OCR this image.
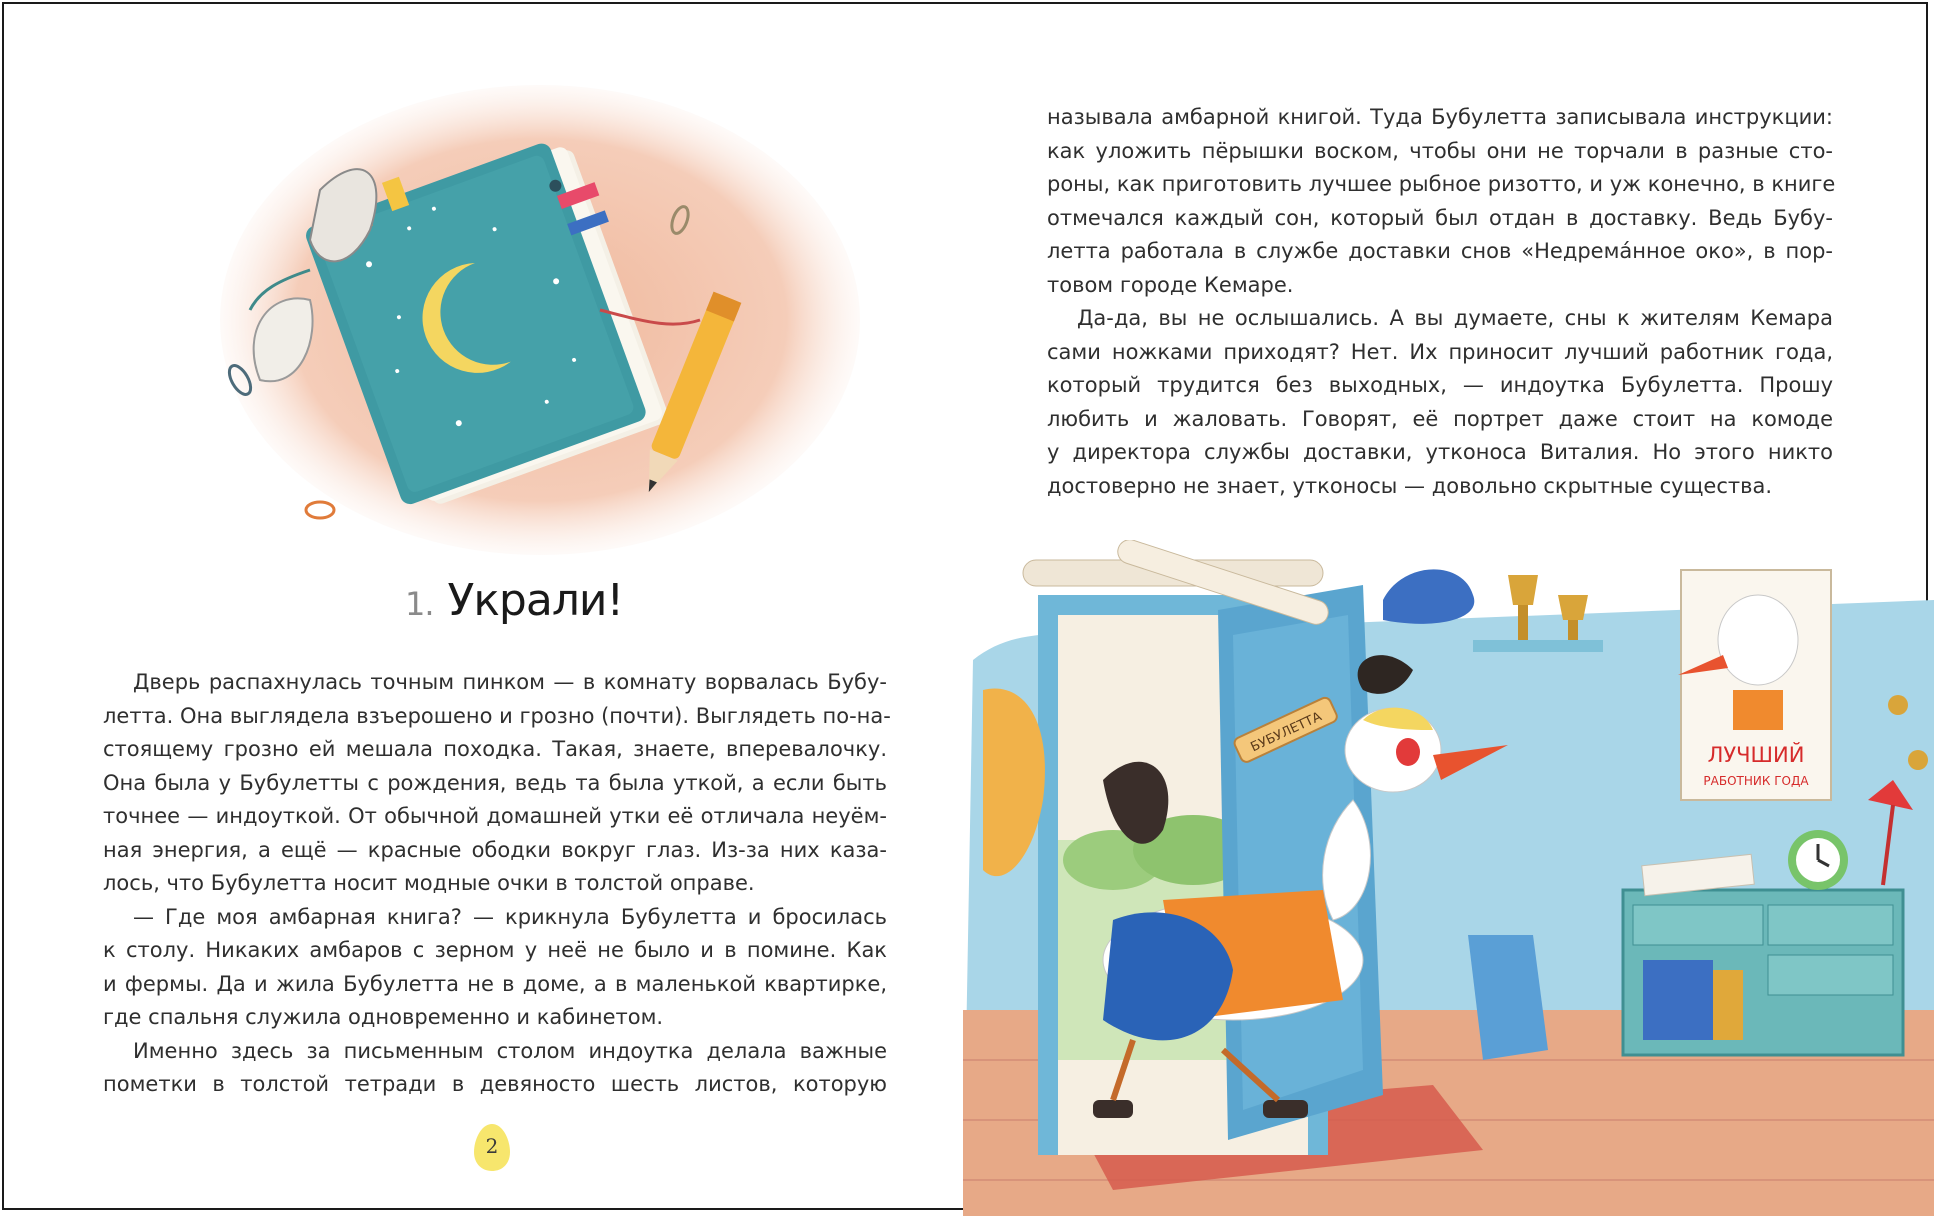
1. Украли!
Дверь распахнулась точным пинком — в комнату ворвалась Бубу-
летта. Она выглядела взъерошено и грозно (почти). Выглядеть по-на-
стоящему грозно ей мешала походка. Такая, знаете, вперевалочку.
Она была у Бубулетты с рождения, ведь та была уткой, а если быть
точнее — индоуткой. От обычной домашней утки её отличала неуём-
ная энергия, а ещё — красные ободки вокруг глаз. Из-за них каза-
лось, что Бубулетта носит модные очки в толстой оправе.
— Где моя амбарная книга? — крикнула Бубулетта и бросилась
к столу. Никаких амбаров с зерном у неё не было и в помине. Как
и фермы. Да и жила Бубулетта не в доме, а в маленькой квартирке,
где спальня служила одновременно и кабинетом.
Именно здесь за письменным столом индоутка делала важные
пометки в толстой тетради в девяносто шесть листов, которую
2
называла амбарной книгой. Туда Бубулетта записывала инструкции:
как уложить пёрышки воском, чтобы они не торчали в разные сто-
роны, как приготовить лучшее рыбное ризотто, и уж конечно, в книге
отмечался каждый сон, который был отдан в доставку. Ведь Бубу-
летта работала в службе доставки снов «Недрема́нное око», в пор-
товом городе Кемаре.
Да-да, вы не ослышались. А вы думаете, сны к жителям Кемара
сами ножками приходят? Нет. Их приносит лучший работник года,
который трудится без выходных, — индоутка Бубулетта. Прошу
любить и жаловать. Говорят, её портрет даже стоит на комоде
у директора службы доставки, утконоса Виталия. Но этого никто
достоверно не знает, утконосы — довольно скрытные существа.
БУБУЛЕТТА	ЛУЧШИЙ
РАБОТНИК ГОДА
